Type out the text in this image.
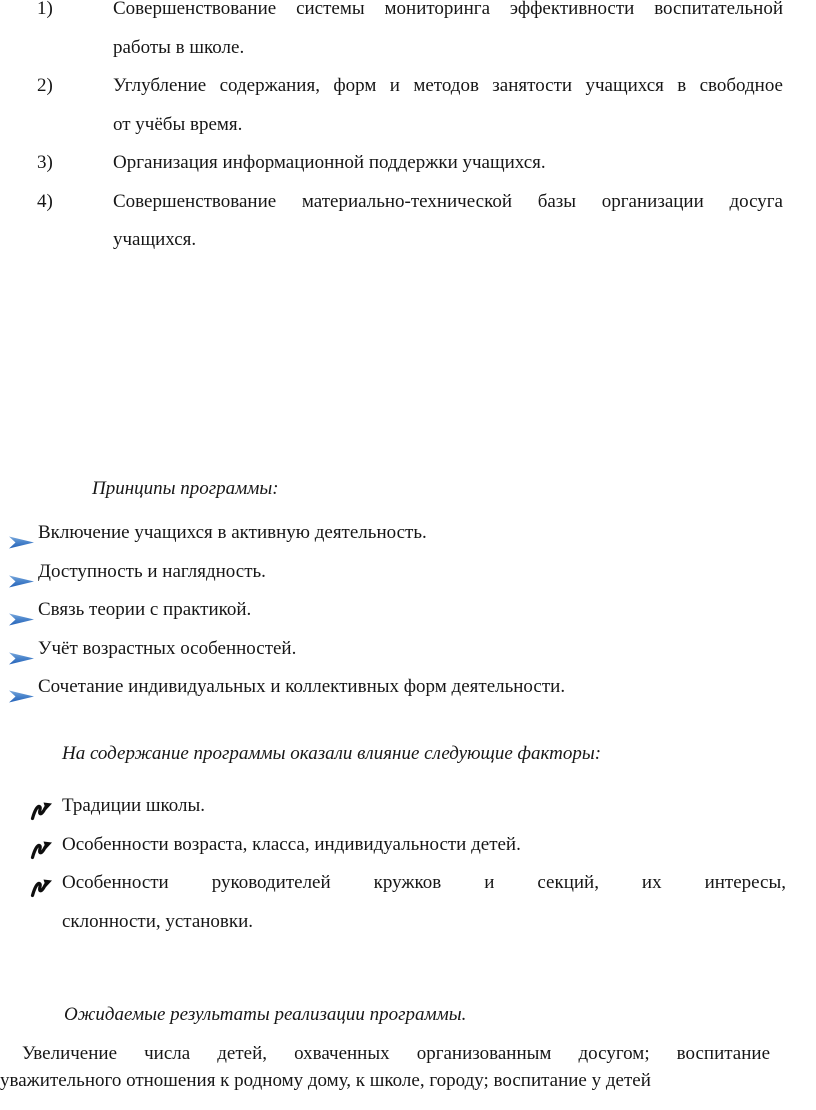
1)	Совершенствование системы мониторинга эффективности воспитательной
работы в школе.
2)	Углубление содержания, форм и методов занятости учащихся в свободное
от учёбы время.
3)	Организация информационной поддержки учащихся.
4)	Совершенствование материально-технической базы организации досуга
учащихся.
Принципы программы:
Включение учащихся в активную деятельность.
Доступность и наглядность.
Связь теории с практикой.
Учёт возрастных особенностей.
Сочетание индивидуальных и коллективных форм деятельности.
На содержание программы оказали влияние следующие факторы:
Традиции школы.
Особенности возраста, класса, индивидуальности детей.
Особенности руководителей кружков и секций, их интересы,
склонности, установки.
Ожидаемые результаты реализации программы.
Увеличение числа детей, охваченных организованным досугом; воспитание
уважительного отношения к родному дому, к школе, городу; воспитание у детей
